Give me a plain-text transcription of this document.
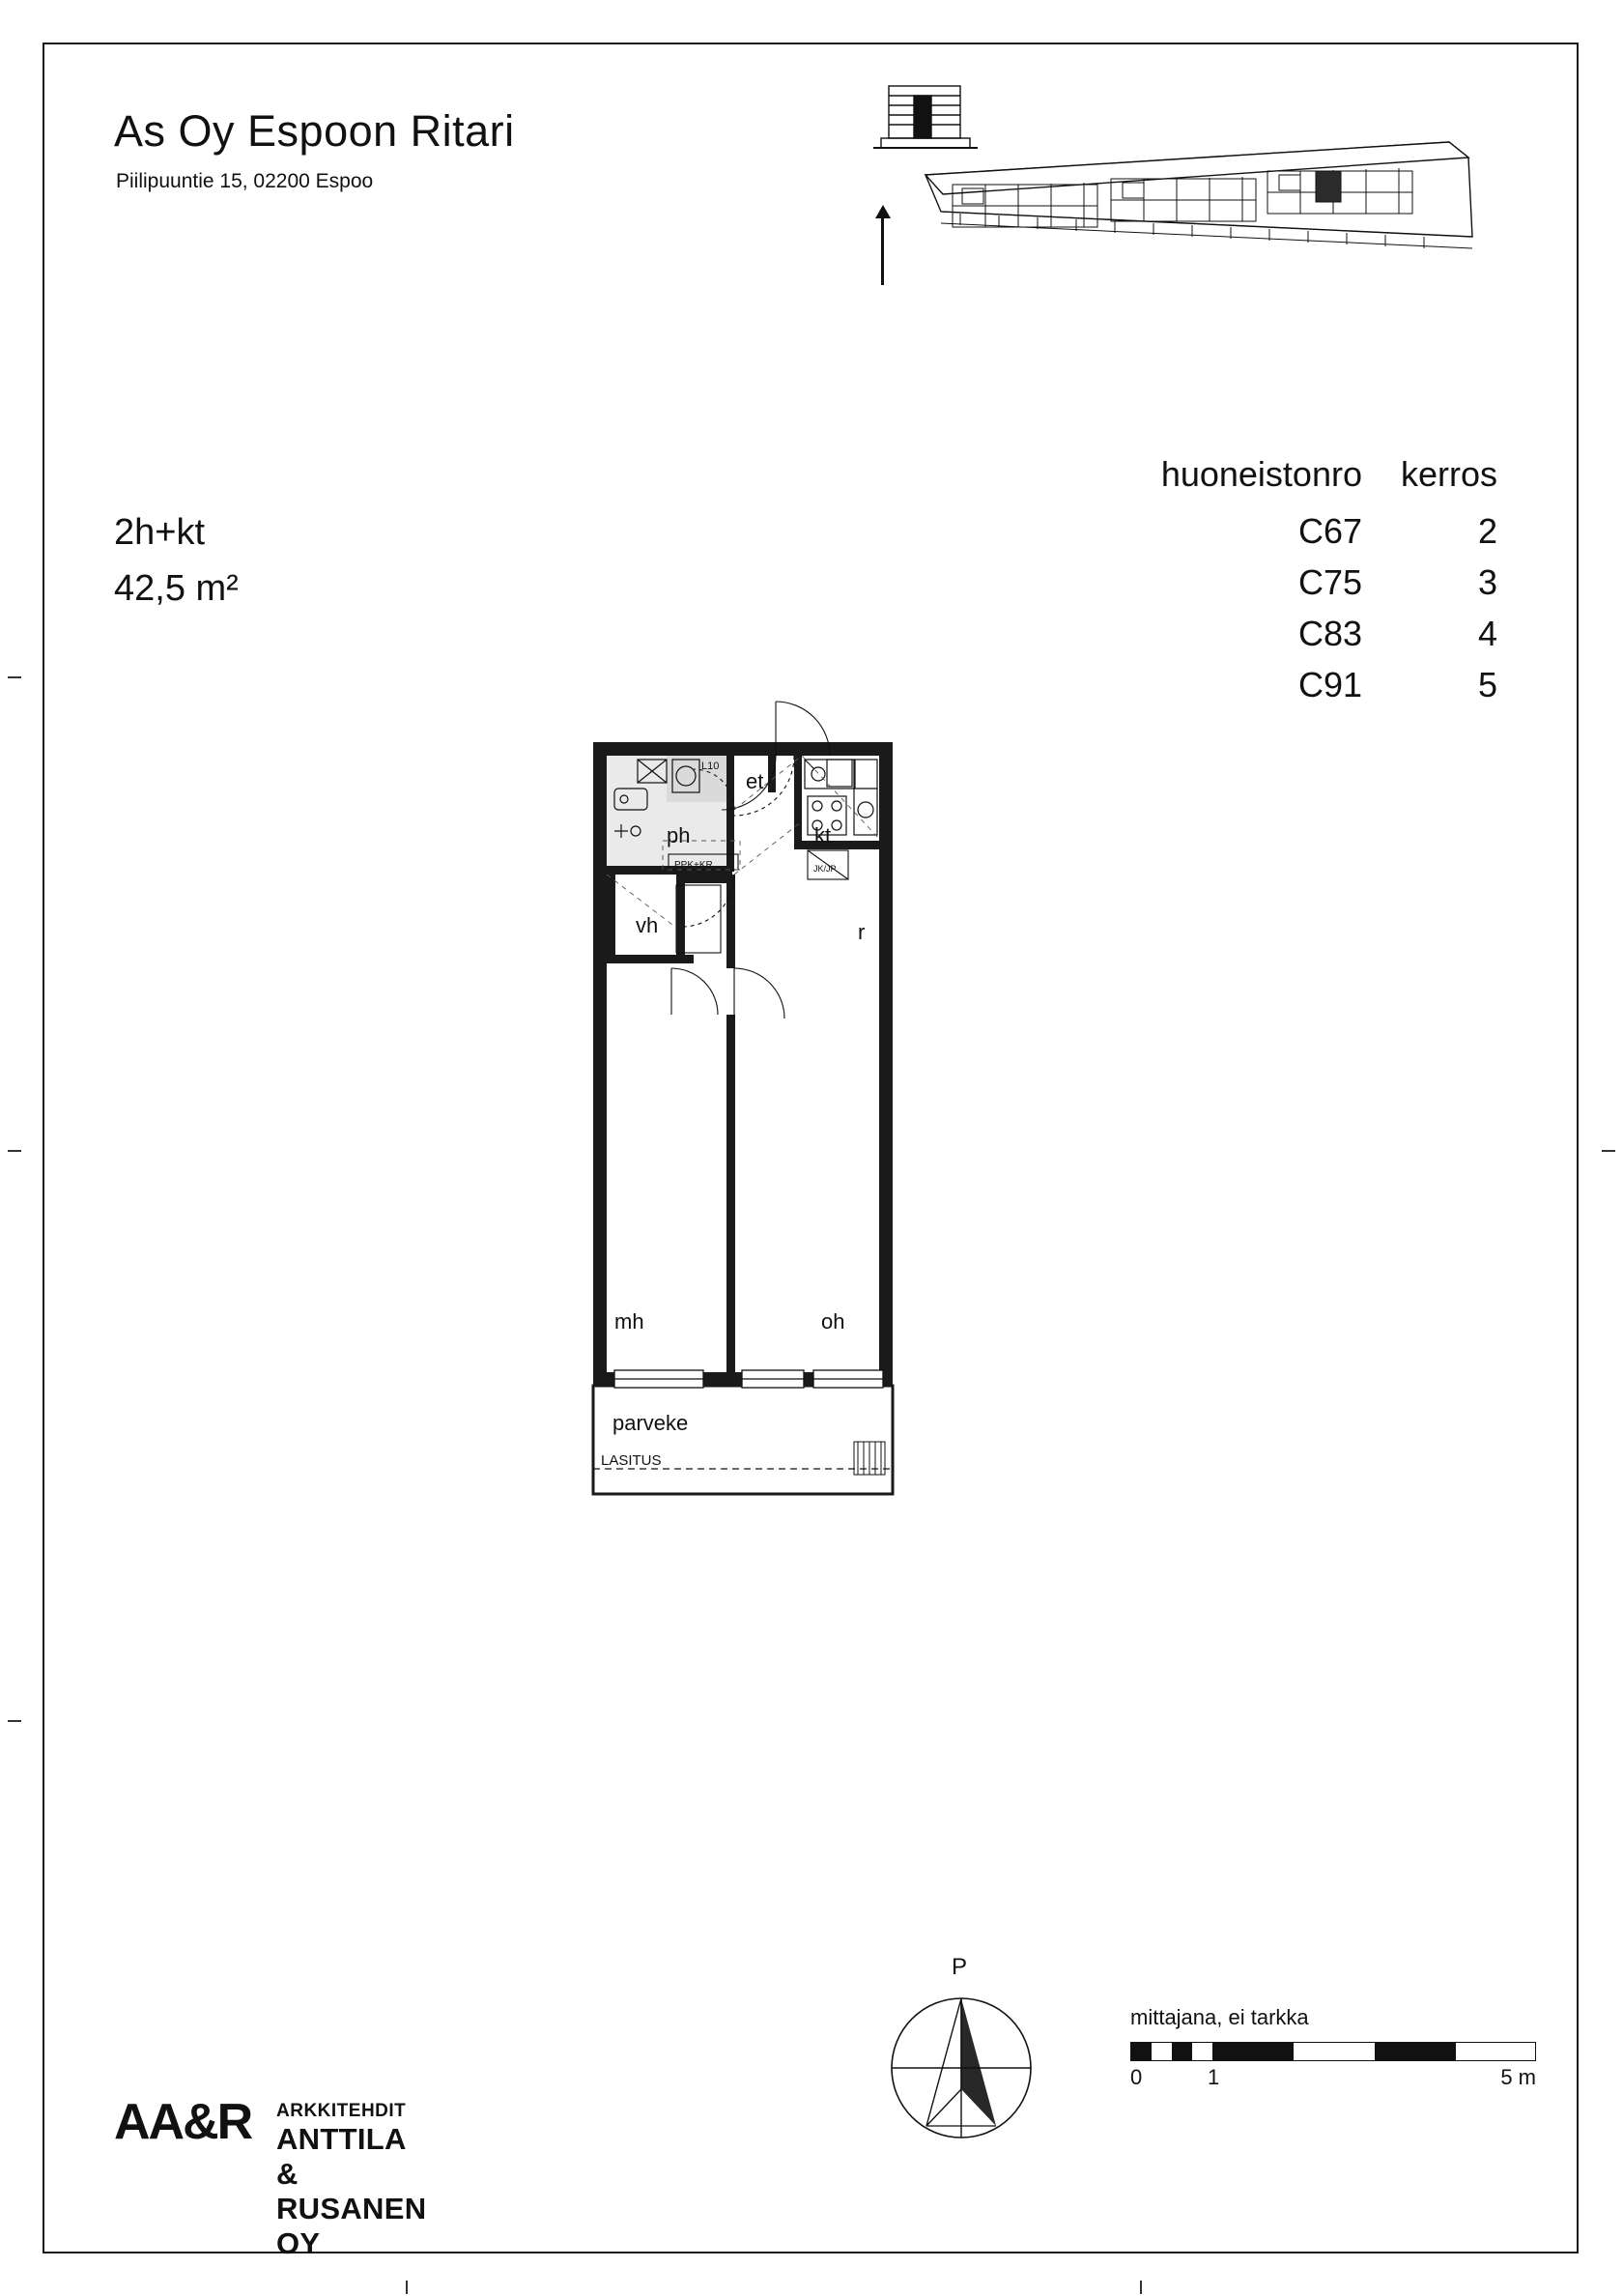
As Oy Espoon Ritari
Piilipuuntie 15, 02200 Espoo
2h+kt
42,5 m²
huoneistonro	kerros
C67	2
C75	3
C83	4
C91	5
et
ph	kt
vh	r
mh	oh
parveke
LASITUS
PPK+KR
L10
JK/JP
P
mittajana, ei tarkka
0	1	5 m
AA&R ARKKITEHDIT
ANTTILA & RUSANEN OY
